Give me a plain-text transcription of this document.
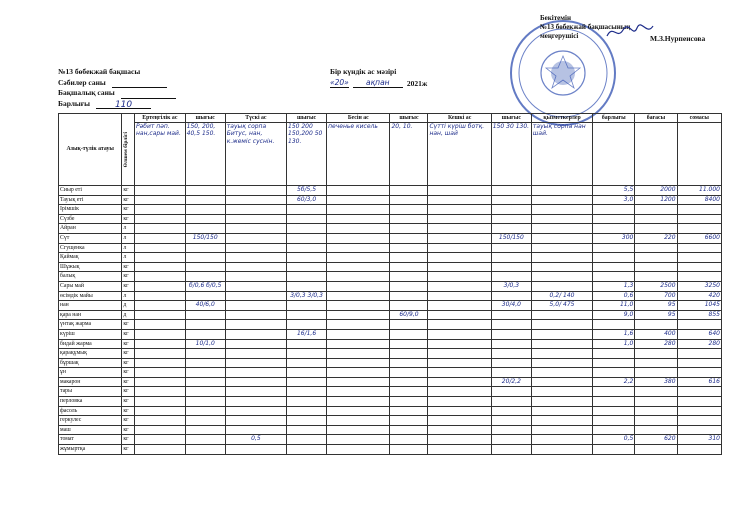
Бекітемін
№13 бөбекжай бақшасының
меңгерушісі	М.З.Нурпеисова
№13 бөбекжай бақшасы
Сәбилер саны
Бақшалық саны
Барлығы	110
Бір күндік ас мәзірі
«20»	ақпан	2021ж
Азық-түлік атауы	Өлшем бірлігі	Ертеңгілік ас	шығыс	Түскі ас	шығыс	Бесін ас	шығыс	Кешкі ас	шығыс	қызметкерлер	барлығы	бағасы	сомасы
		Рәбит пәп. нан,сары май.	150, 200, 40,5 150.	тауық сорпа Битус, нан, к.жеміс суснін.	150 200 150,200 50 130.	печенье кисель	20, 10.	Сүтті күріш ботқ. нан, шай	150 30 130.	тауық сорпа нан шай.			
Сиыр еті	кг				5б/5,5						5,5	2000	11.000
Тауық еті	кг				60/3,0						3,0	1200	8400
Ірімшік	кг												
Сүзбе	кг												
Айран	л												
Сүт	л		150/150						150/150		300	220	6600
Сгущенка	л												
Қаймақ	л												
Шұжық	кг												
балық	кг												
Сары май	кг		б/0,6 б/0,5						3/0,3		1,3	2500	3250
өсімдік майы	л				3/0,3 3/0,3					0,2/ 140	0,6	700	420
нан	д		40/6,0						30/4,0	5,0/ 475	11,0	95	1045
қара нан	д						60/9,0				9,0	95	855
үнтақ жарма	кг												
күріш	кг				16/1,6						1,6	400	640
бидай жарма	кг		10/1,0								1,0	280	280
қарақұмық	кг												
бұршақ	кг												
ұн	кг												
макарон	кг								20/2,2		2,2	380	616
тары	кг												
перловка	кг												
фасоль	кг												
геркулес	кг												
маш	кг												
томат	кг			0,5							0,5	620	310
жұмыртқа	кг												
